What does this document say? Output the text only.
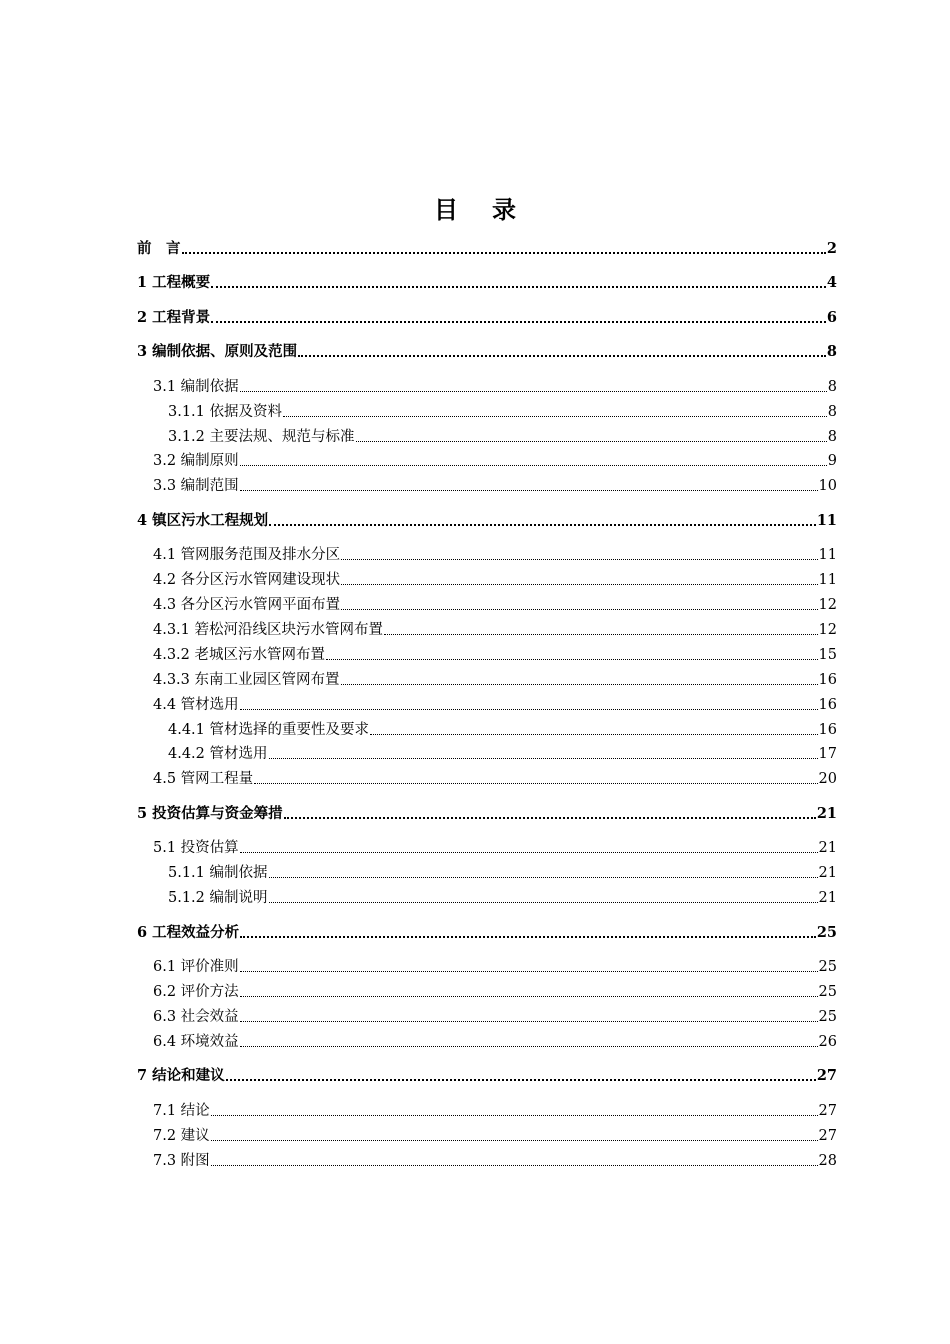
目 录
前　言	2
1 工程概要	4
2 工程背景	6
3 编制依据、原则及范围	8
3.1 编制依据	8
3.1.1 依据及资料	8
3.1.2 主要法规、规范与标准	8
3.2 编制原则	9
3.3 编制范围	10
4 镇区污水工程规划	11
4.1 管网服务范围及排水分区	11
4.2 各分区污水管网建设现状	11
4.3 各分区污水管网平面布置	12
4.3.1 箬松河沿线区块污水管网布置	12
4.3.2 老城区污水管网布置	15
4.3.3 东南工业园区管网布置	16
4.4 管材选用	16
4.4.1 管材选择的重要性及要求	16
4.4.2 管材选用	17
4.5 管网工程量	20
5 投资估算与资金筹措	21
5.1 投资估算	21
5.1.1 编制依据	21
5.1.2 编制说明	21
6 工程效益分析	25
6.1 评价准则	25
6.2 评价方法	25
6.3 社会效益	25
6.4 环境效益	26
7 结论和建议	27
7.1 结论	27
7.2 建议	27
7.3 附图	28
